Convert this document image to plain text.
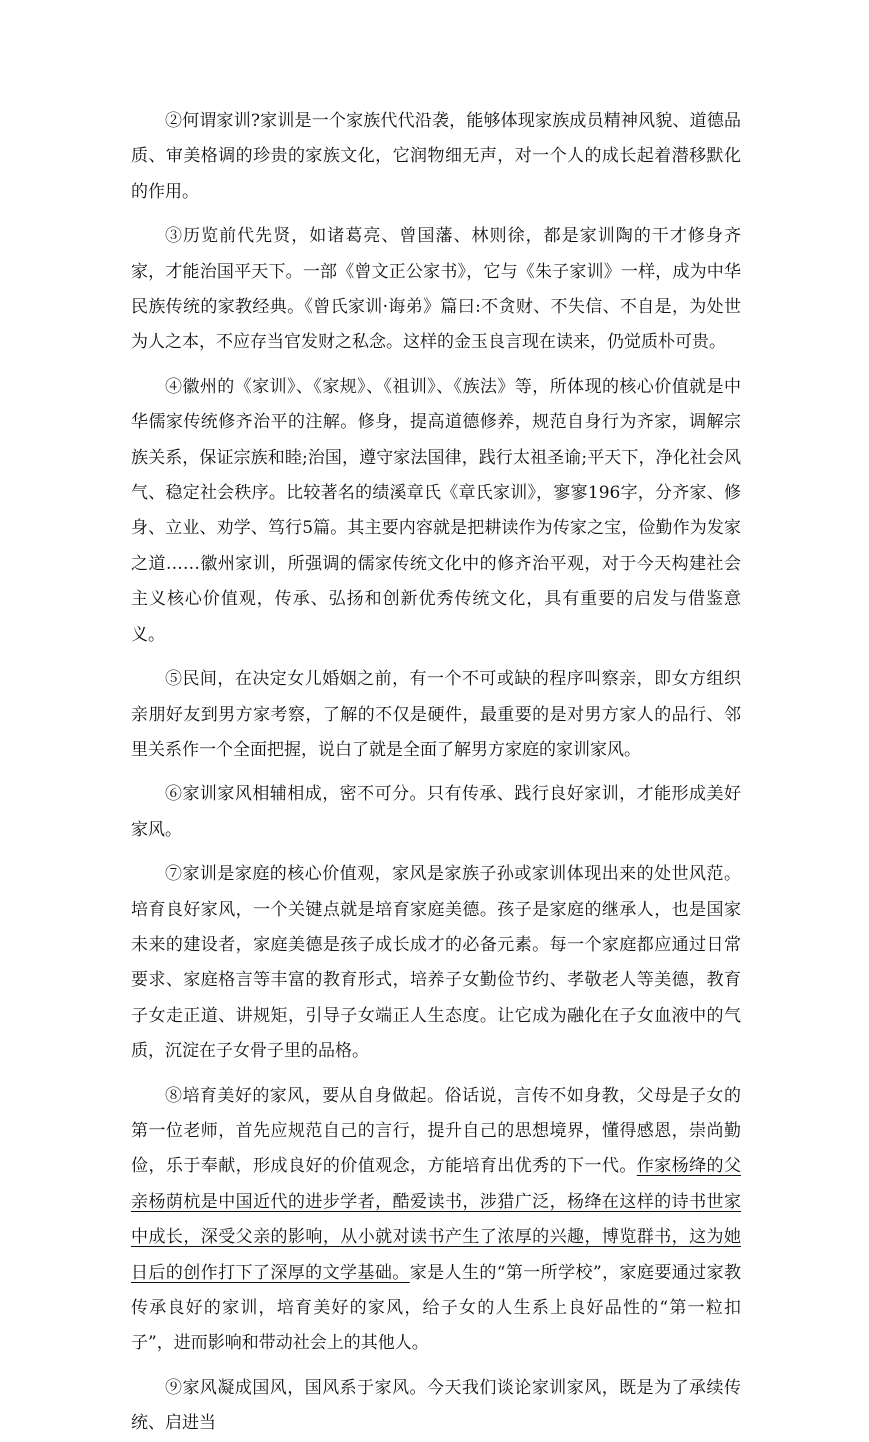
②何谓家训?家训是一个家族代代沿袭，能够体现家族成员精神风貌、道德品质、审美格调的珍贵的家族文化，它润物细无声，对一个人的成长起着潜移默化的作用。

③历览前代先贤，如诸葛亮、曾国藩、林则徐，都是家训陶的干才修身齐家，才能治国平天下。一部《曾文正公家书》，它与《朱子家训》一样，成为中华民族传统的家教经典。《曾氏家训·诲弟》篇曰:不贪财、不失信、不自是，为处世为人之本，不应存当官发财之私念。这样的金玉良言现在读来，仍觉质朴可贵。

④徽州的《家训》、《家规》、《祖训》、《族法》等，所体现的核心价值就是中华儒家传统修齐治平的注解。修身，提高道德修养，规范自身行为齐家，调解宗族关系，保证宗族和睦;治国，遵守家法国律，践行太祖圣谕;平天下，净化社会风气、稳定社会秩序。比较著名的绩溪章氏《章氏家训》，寥寥196字，分齐家、修身、立业、劝学、笃行5篇。其主要内容就是把耕读作为传家之宝，俭勤作为发家之道……徽州家训，所强调的儒家传统文化中的修齐治平观，对于今天构建社会主义核心价值观，传承、弘扬和创新优秀传统文化，具有重要的启发与借鉴意义。

⑤民间，在决定女儿婚姻之前，有一个不可或缺的程序叫察亲，即女方组织亲朋好友到男方家考察，了解的不仅是硬件，最重要的是对男方家人的品行、邻里关系作一个全面把握，说白了就是全面了解男方家庭的家训家风。

⑥家训家风相辅相成，密不可分。只有传承、践行良好家训，才能形成美好家风。

⑦家训是家庭的核心价值观，家风是家族子孙或家训体现出来的处世风范。培育良好家风，一个关键点就是培育家庭美德。孩子是家庭的继承人，也是国家未来的建设者，家庭美德是孩子成长成才的必备元素。每一个家庭都应通过日常要求、家庭格言等丰富的教育形式，培养子女勤俭节约、孝敬老人等美德，教育子女走正道、讲规矩，引导子女端正人生态度。让它成为融化在子女血液中的气质，沉淀在子女骨子里的品格。

⑧培育美好的家风，要从自身做起。俗话说，言传不如身教，父母是子女的第一位老师，首先应规范自己的言行，提升自己的思想境界，懂得感恩，崇尚勤俭，乐于奉献，形成良好的价值观念，方能培育出优秀的下一代。作家杨绛的父亲杨荫杭是中国近代的进步学者，酷爱读书，涉猎广泛，杨绛在这样的诗书世家中成长，深受父亲的影响，从小就对读书产生了浓厚的兴趣，博览群书，这为她日后的创作打下了深厚的文学基础。家是人生的“第一所学校”，家庭要通过家教传承良好的家训，培育美好的家风，给子女的人生系上良好品性的“第一粒扣子”，进而影响和带动社会上的其他人。

⑨家风凝成国风，国风系于家风。今天我们谈论家训家风，既是为了承续传统、启进当
